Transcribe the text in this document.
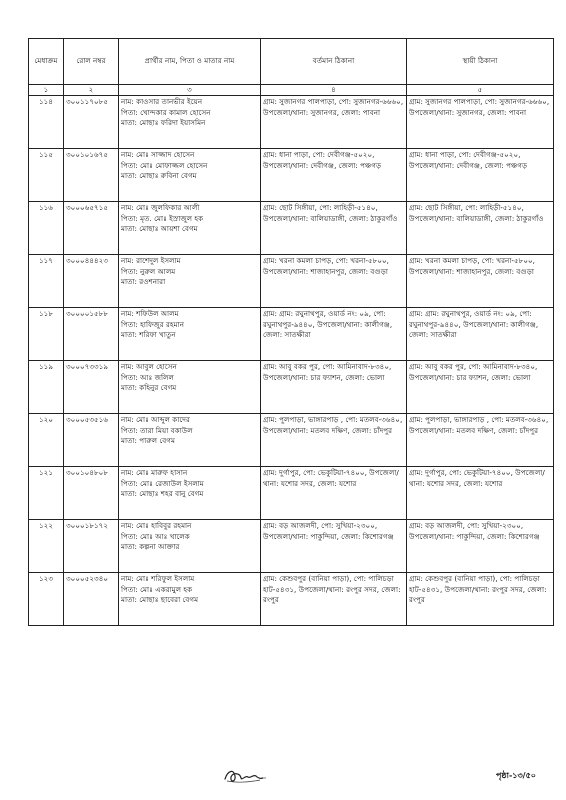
মেধাক্রম	রোল নম্বর	প্রার্থীর নাম, পিতা ও মাতার নাম	বর্তমান ঠিকানা	স্থায়ী ঠিকানা
১	২	৩	৪	৫
১১৪	৩০০১১৭০৮৫	নাম: কাওসার তানভীর ইয়েন
পিতা: খোন্দকার কামাল হোসেন
মাতা: মোছাঃ ফরিদা ইয়াসমিন	গ্রাম: সুজানগর পালপাড়া, পো: সুজানগর-৬৬৬০, উপজেলা/থানা: সুজানগর, জেলা: পাবনা	গ্রাম: সুজানগর পালপাড়া, পো: সুজানগর-৬৬৬০, উপজেলা/থানা: সুজানগর, জেলা: পাবনা
১১৫	৩০০১০১৬৭৫	নাম: মোঃ সাজ্জাদ হোসেন
পিতা: মোঃ মোফাজ্জল হোসেন
মাতা: মোছাঃ রুবিনা বেগম	গ্রাম: ধানা পাড়া, পো: দেবীগঞ্জ-৫০২০, উপজেলা/থানা: দেবীগঞ্জ, জেলা: পঞ্চগড়	গ্রাম: ধানা পাড়া, পো: দেবীগঞ্জ-৫০২০, উপজেলা/থানা: দেবীগঞ্জ, জেলা: পঞ্চগড়
১১৬	৩০০০৬৫৭১৫	নাম: মোঃ জুলফিকার আলী
পিতা: মৃত. মোঃ ইস্রাজুল হক
মাতা: মোছাঃ আয়শা বেগম	গ্রাম: ছোট সিঙ্গীয়া, পো: লাহিড়ী-৫১৪০, উপজেলা/থানা: বালিয়াডাঙ্গী, জেলা: ঠাকুরগাঁও	গ্রাম: ছোট সিঙ্গীয়া, পো: লাহিড়ী-৫১৪০, উপজেলা/থানা: বালিয়াডাঙ্গী, জেলা: ঠাকুরগাঁও
১১৭	৩০০০৪৪৪২৩	নাম: রাশেদুল ইসলাম
পিতা: নুরুল আলম
মাতা: রওশনারা	গ্রাম: খরনা কমলা চাপড়, পো: খরনা-৫৮০০, উপজেলা/থানা: শাজাহানপুর, জেলা: বগুড়া	গ্রাম: খরনা কমলা চাপড়, পো: খরনা-৫৮০০, উপজেলা/থানা: শাজাহানপুর, জেলা: বগুড়া
১১৮	৩০০০০১৫৮৮	নাম: শফিউল আলম
পিতা: হাফিজুর রহমান
মাতা: শরিফা খাতুন	গ্রাম: গ্রাম: রঘুনাথপুর, ওয়ার্ড নং: ০৯, পো: রঘুনাথপুর-৯৪৪০, উপজেলা/থানা: কালীগঞ্জ, জেলা: সাতক্ষীরা	গ্রাম: গ্রাম: রঘুনাথপুর, ওয়ার্ড নং: ০৯, পো: রঘুনাথপুর-৯৪৪০, উপজেলা/থানা: কালীগঞ্জ, জেলা: সাতক্ষীরা
১১৯	৩০০০৭৩৩১৯	নাম: আবুল হোসেন
পিতা: আঃ জলিল
মাতা: কহিনুর বেগম	গ্রাম: আবু বকর পুর, পো: আমিনাবাদ-৮৩৪০, উপজেলা/থানা: চার ফ্যাশন, জেলা: ভোলা	গ্রাম: আবু বকর পুর, পো: আমিনাবাদ-৮৩৪০, উপজেলা/থানা: চার ফ্যাশন, জেলা: ভোলা
১২০	৩০০০৫৩৫১৬	নাম: মোঃ আব্দুল কাদের
পিতা: তারা মিয়া বকাউল
মাতা: পারুল বেগম	গ্রাম: পুলপাড়া, ভাঙ্গারপাড় , পো: মতলব-৩৬৪০, উপজেলা/থানা: মতলব দক্ষিণ, জেলা: চাঁদপুর	গ্রাম: পুলপাড়া, ভাঙ্গারপাড় , পো: মতলব-৩৬৪০, উপজেলা/থানা: মতলব দক্ষিণ, জেলা: চাঁদপুর
১২১	৩০০১০৪৮০৮	নাম: মোঃ মারুফ হাসান
পিতা: মোঃ রেজাউল ইসলাম
মাতা: মোছাঃ শহর বানু বেগম	গ্রাম: দুর্গাপুর, পো: ভেকুটিয়া-৭৪০০, উপজেলা/থানা: যশোর সদর, জেলা: যশোর	গ্রাম: দুর্গাপুর, পো: ভেকুটিয়া-৭৪০০, উপজেলা/থানা: যশোর সদর, জেলা: যশোর
১২২	৩০০০১৮১৭২	নাম: মোঃ হাবিবুর রহমান
পিতা: মোঃ আঃ খালেক
মাতা: কল্পনা আক্তার	গ্রাম: বড় আজলদী, পো: সুখিয়া-২৩০০, উপজেলা/থানা: পাকুন্দিয়া, জেলা: কিশোরগঞ্জ	গ্রাম: বড় আজলদী, পো: সুখিয়া-২৩০০, উপজেলা/থানা: পাকুন্দিয়া, জেলা: কিশোরগঞ্জ
১২৩	৩০০০৫২৩৪০	নাম: মোঃ শরিফুল ইসলাম
পিতা: মোঃ একরামুল হক
মাতা: মোছাঃ ছাবেরা বেগম	গ্রাম: কেশুবপুর (বানিয়া পাড়া), পো: পালিচড়া হাট-৫৪৩১, উপজেলা/থানা: রংপুর সদর, জেলা: রংপুর	গ্রাম: কেশুবপুর (বানিয়া পাড়া), পো: পালিচড়া হাট-৫৪৩১, উপজেলা/থানা: রংপুর সদর, জেলা: রংপুর
পৃষ্ঠা-১৩/৫০
